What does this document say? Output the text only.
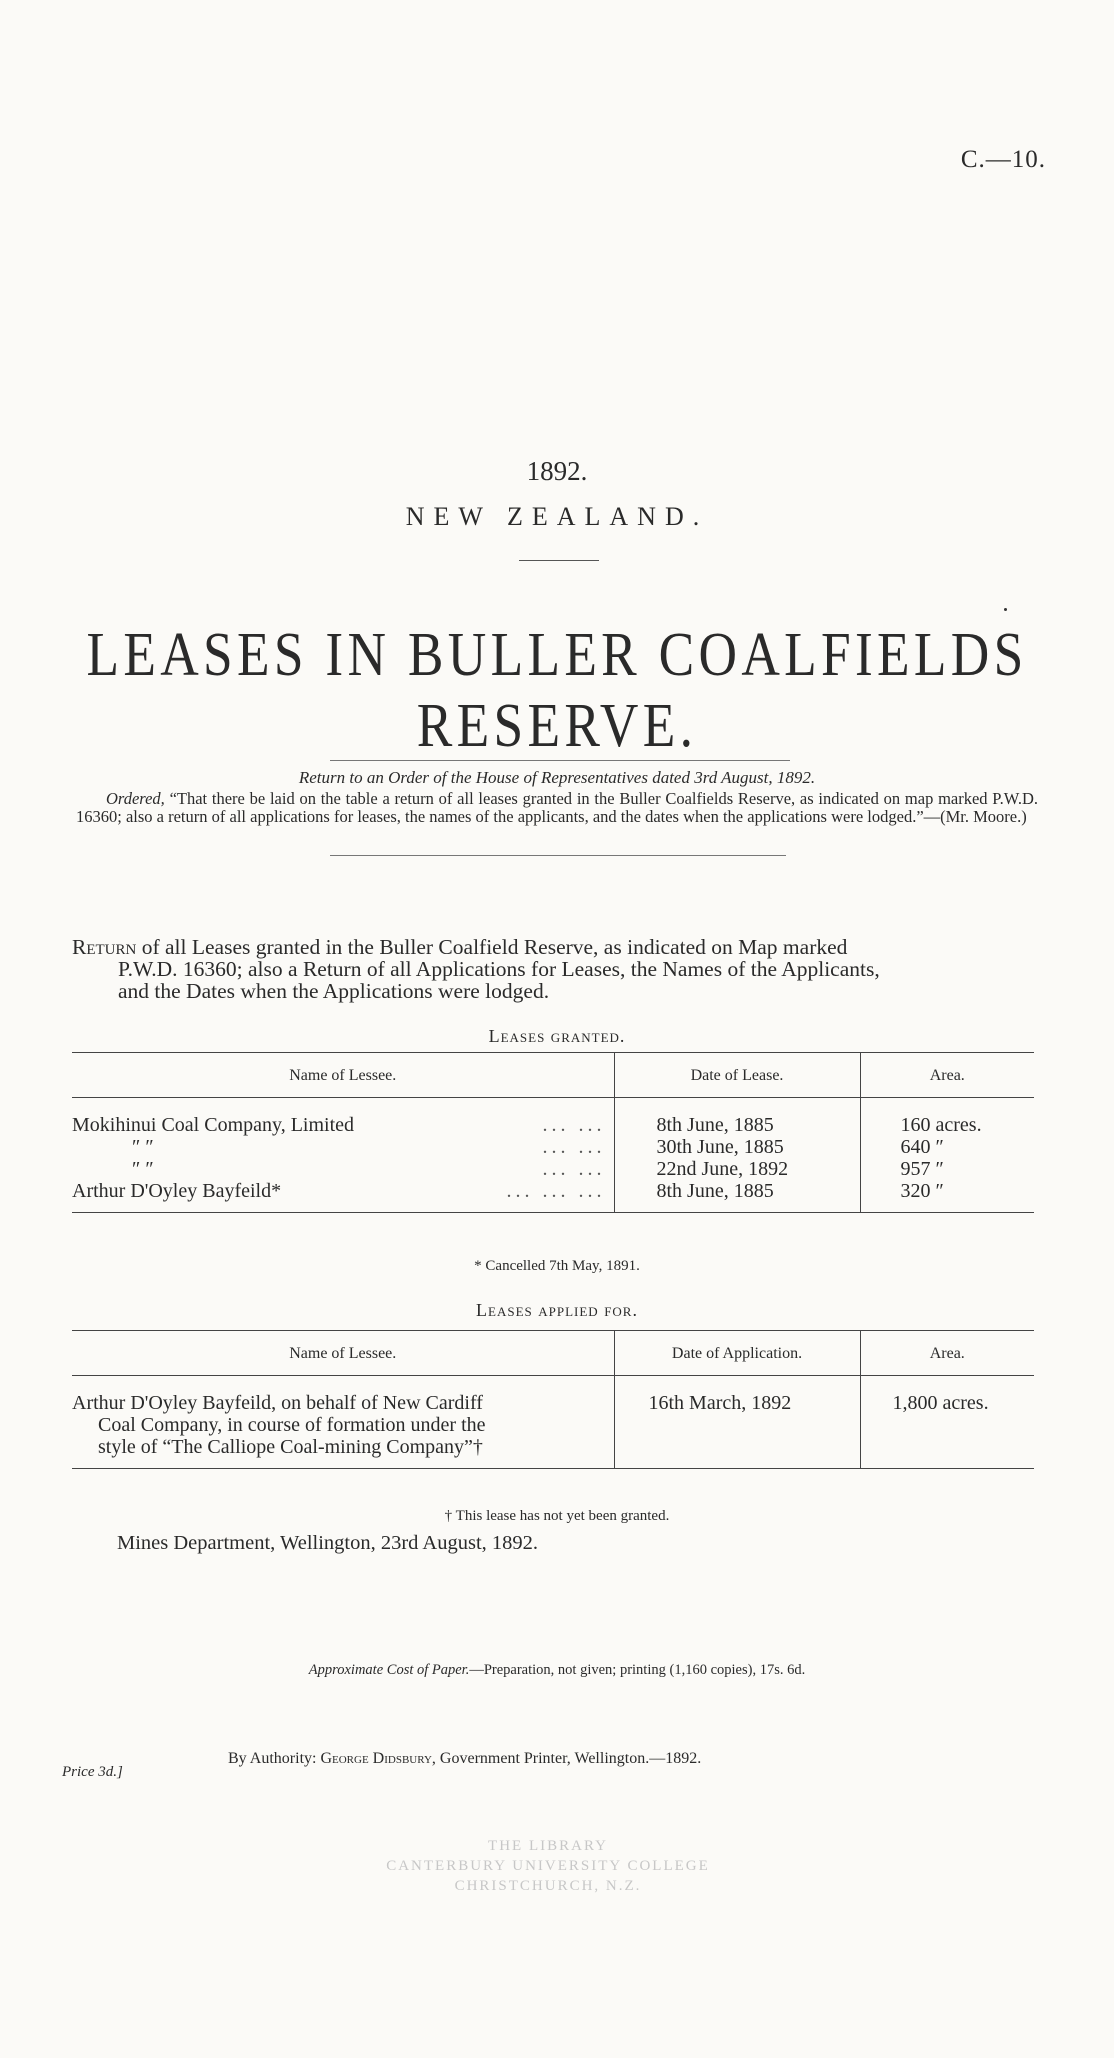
C.—10.
1892.
NEW ZEALAND.
LEASES IN BULLER COALFIELDS RESERVE.
Return to an Order of the House of Representatives dated 3rd August, 1892.
Ordered, “That there be laid on the table a return of all leases granted in the Buller Coalfields Reserve, as indicated on map marked P.W.D. 16360; also a return of all applications for leases, the names of the applicants, and the dates when the applications were lodged.”—(Mr. Moore.)
Return of all Leases granted in the Buller Coalfield Reserve, as indicated on Map marked
P.W.D. 16360; also a Return of all Applications for Leases, the Names of the Applicants,
and the Dates when the Applications were lodged.
Leases granted.
Name of Lessee.	Date of Lease.	Area.

Mokihinui Coal Company, Limited ... ...	8th June, 1885	160 acres.

″ ″ ... ...	30th June, 1885	640 ″

″ ″ ... ...	22nd June, 1892	957 ″

Arthur D'Oyley Bayfeild* ... ... ...	8th June, 1885	320 ″
* Cancelled 7th May, 1891.
Leases applied for.
Name of Lessee.	Date of Application.	Area.

Arthur D'Oyley Bayfeild, on behalf of New Cardiff
Coal Company, in course of formation under the
style of “The Calliope Coal-mining Company”†	16th March, 1892	1,800 acres.
† This lease has not yet been granted.
Mines Department, Wellington, 23rd August, 1892.
Approximate Cost of Paper.—Preparation, not given; printing (1,160 copies), 17s. 6d.
By Authority: George Didsbury, Government Printer, Wellington.—1892.
Price 3d.]
THE LIBRARY
CANTERBURY UNIVERSITY COLLEGE
CHRISTCHURCH, N.Z.
